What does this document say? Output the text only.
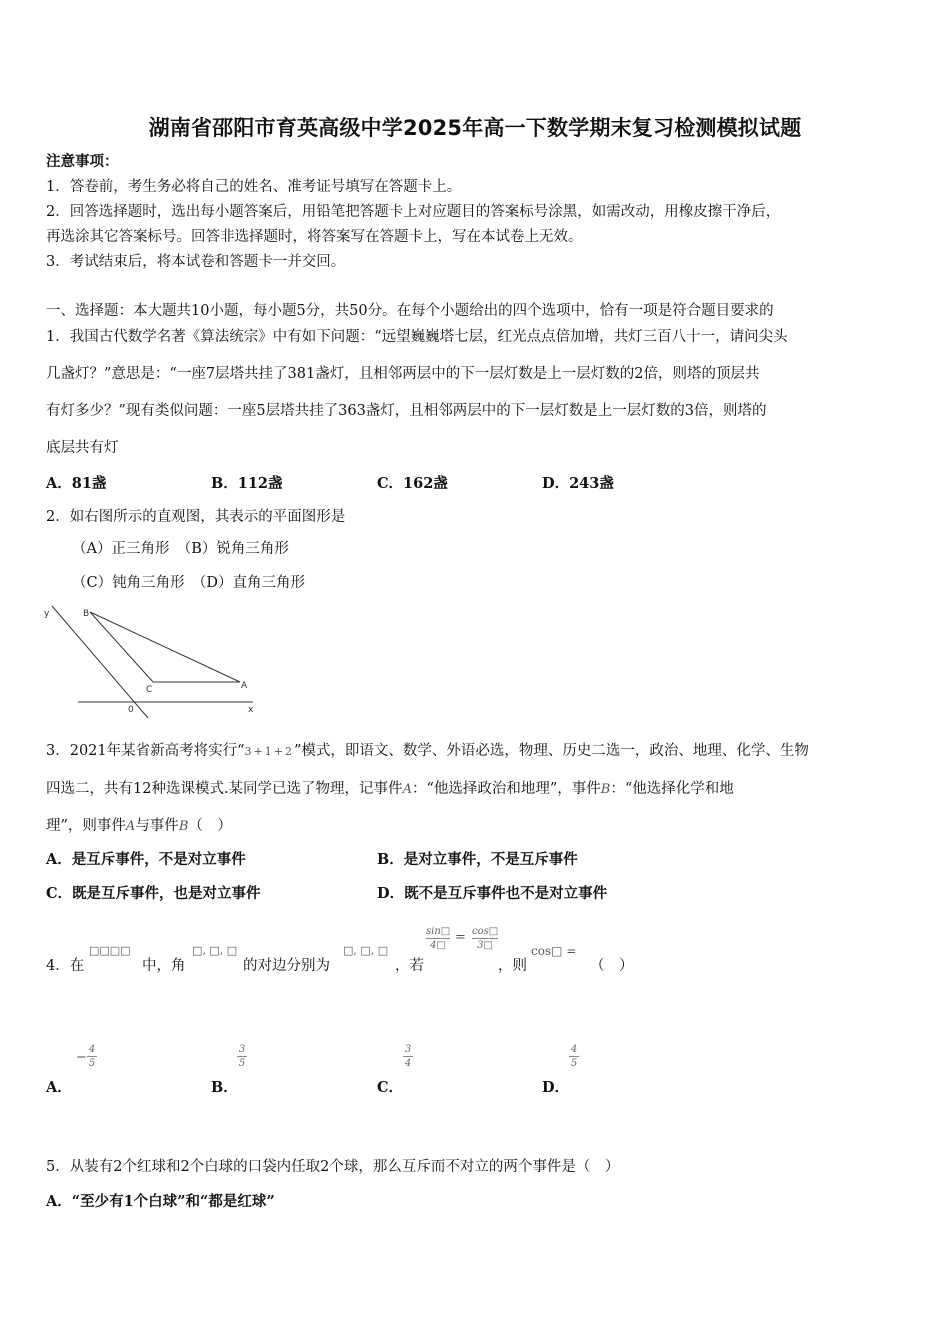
湖南省邵阳市育英高级中学2025年高一下数学期末复习检测模拟试题
注意事项：
1．答卷前，考生务必将自己的姓名、准考证号填写在答题卡上。
2．回答选择题时，选出每小题答案后，用铅笔把答题卡上对应题目的答案标号涂黑，如需改动，用橡皮擦干净后，
再选涂其它答案标号。回答非选择题时，将答案写在答题卡上，写在本试卷上无效。
3．考试结束后，将本试卷和答题卡一并交回。
一、选择题：本大题共10小题，每小题5分，共50分。在每个小题给出的四个选项中，恰有一项是符合题目要求的
1．我国古代数学名著《算法统宗》中有如下问题：“远望巍巍塔七层，红光点点倍加增，共灯三百八十一，请问尖头
几盏灯？”意思是：“一座7层塔共挂了381盏灯，且相邻两层中的下一层灯数是上一层灯数的2倍，则塔的顶层共
有灯多少？”现有类似问题：一座5层塔共挂了363盏灯，且相邻两层中的下一层灯数是上一层灯数的3倍，则塔的
底层共有灯
A．81盏	B．112盏	C．162盏	D．243盏
2．如右图所示的直观图，其表示的平面图形是
（A）正三角形　（B）锐角三角形
（C）钝角三角形　（D）直角三角形
y
x
0
B
C	A
3．2021年某省新高考将实行“3+1+2”模式，即语文、数学、外语必选，物理、历史二选一，政治、地理、化学、生物
四选二，共有12种选课模式.某同学已选了物理，记事件A：“他选择政治和地理”，事件B：“他选择化学和地
理”，则事件A与事件B（　）
A．是互斥事件，不是对立事件	B．是对立事件，不是互斥事件
C．既是互斥事件，也是对立事件	D．既不是互斥事件也不是对立事件
4．在
□□□□
中，角
□, □, □
的对边分别为
□, □, □
，若
sin□
4□
= cos□
3□
，则
cos□ =
（　）
A．
−
4
5
B．
3
5
C．
3
4
D．
4
5
5．从装有2个红球和2个白球的口袋内任取2个球，那么互斥而不对立的两个事件是（　）
A．“至少有1个白球”和“都是红球”
